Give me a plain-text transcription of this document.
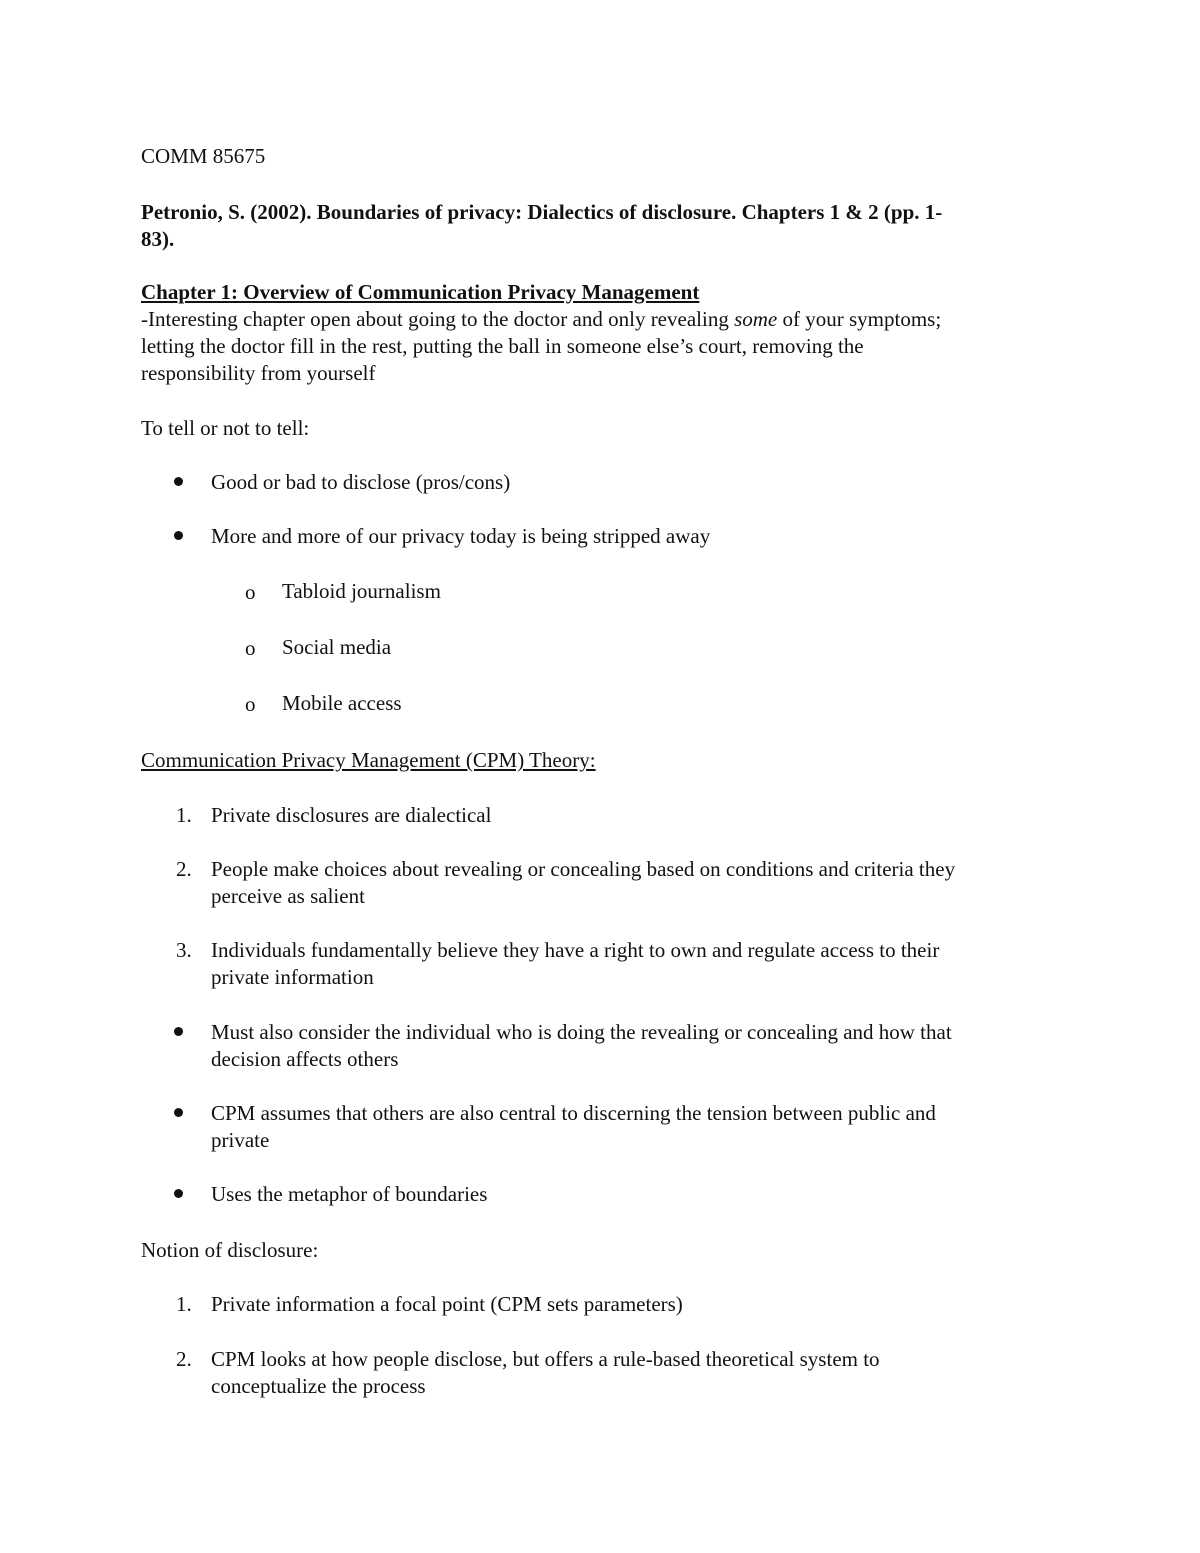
COMM 85675
Petronio, S. (2002). Boundaries of privacy: Dialectics of disclosure. Chapters 1 & 2 (pp. 1-
83).
Chapter 1: Overview of Communication Privacy Management
-Interesting chapter open about going to the doctor and only revealing some of your symptoms;
letting the doctor fill in the rest, putting the ball in someone else’s court, removing the
responsibility from yourself
To tell or not to tell:
Good or bad to disclose (pros/cons)
More and more of our privacy today is being stripped away
o Tabloid journalism
o Social media
o Mobile access
Communication Privacy Management (CPM) Theory:
1. Private disclosures are dialectical
2. People make choices about revealing or concealing based on conditions and criteria they
perceive as salient
3. Individuals fundamentally believe they have a right to own and regulate access to their
private information
Must also consider the individual who is doing the revealing or concealing and how that
decision affects others
CPM assumes that others are also central to discerning the tension between public and
private
Uses the metaphor of boundaries
Notion of disclosure:
1. Private information a focal point (CPM sets parameters)
2. CPM looks at how people disclose, but offers a rule-based theoretical system to
conceptualize the process
